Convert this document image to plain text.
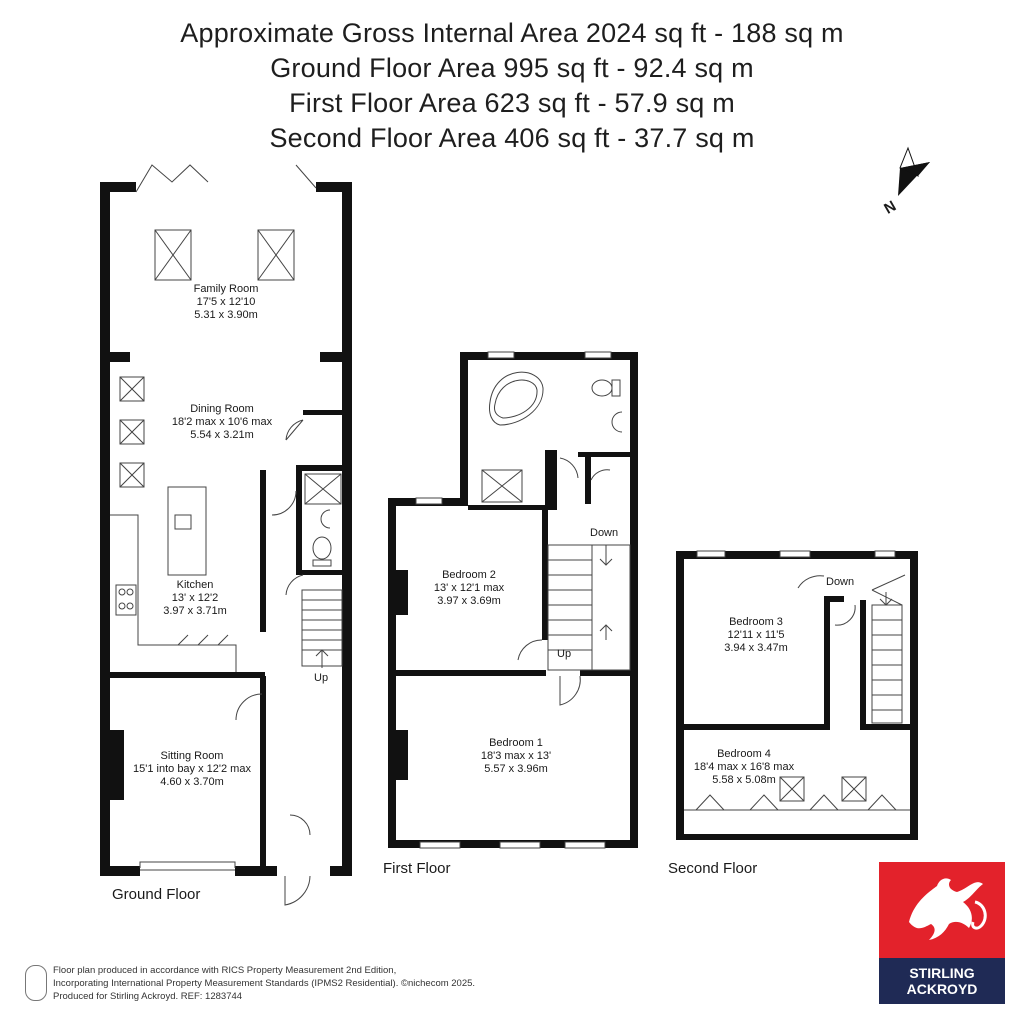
Approximate Gross Internal Area 2024 sq ft - 188 sq m
Ground Floor Area 995 sq ft - 92.4 sq m
First Floor Area 623 sq ft - 57.9 sq m
Second Floor Area 406 sq ft - 37.7 sq m
N
Family Room
17'5 x 12'10
5.31 x 3.90m
Dining Room
18'2 max x 10'6 max
5.54 x 3.21m
Kitchen
13' x 12'2
3.97 x 3.71m
Sitting Room
15'1 into bay x 12'2 max
4.60 x 3.70m
Bedroom 2
13' x 12'1 max
3.97 x 3.69m
Bedroom 1
18'3 max x 13'
5.57 x 3.96m
Bedroom 3
12'11 x 11'5
3.94 x 3.47m
Bedroom 4
18'4 max x 16'8 max
5.58 x 5.08m
Up
Down
Up
Down
Ground Floor
First Floor	Second Floor
Floor plan produced in accordance with RICS Property Measurement 2nd Edition,
Incorporating International Property Measurement Standards (IPMS2 Residential). ©nichecom 2025.
Produced for Stirling Ackroyd. REF: 1283744
STIRLING
ACKROYD
